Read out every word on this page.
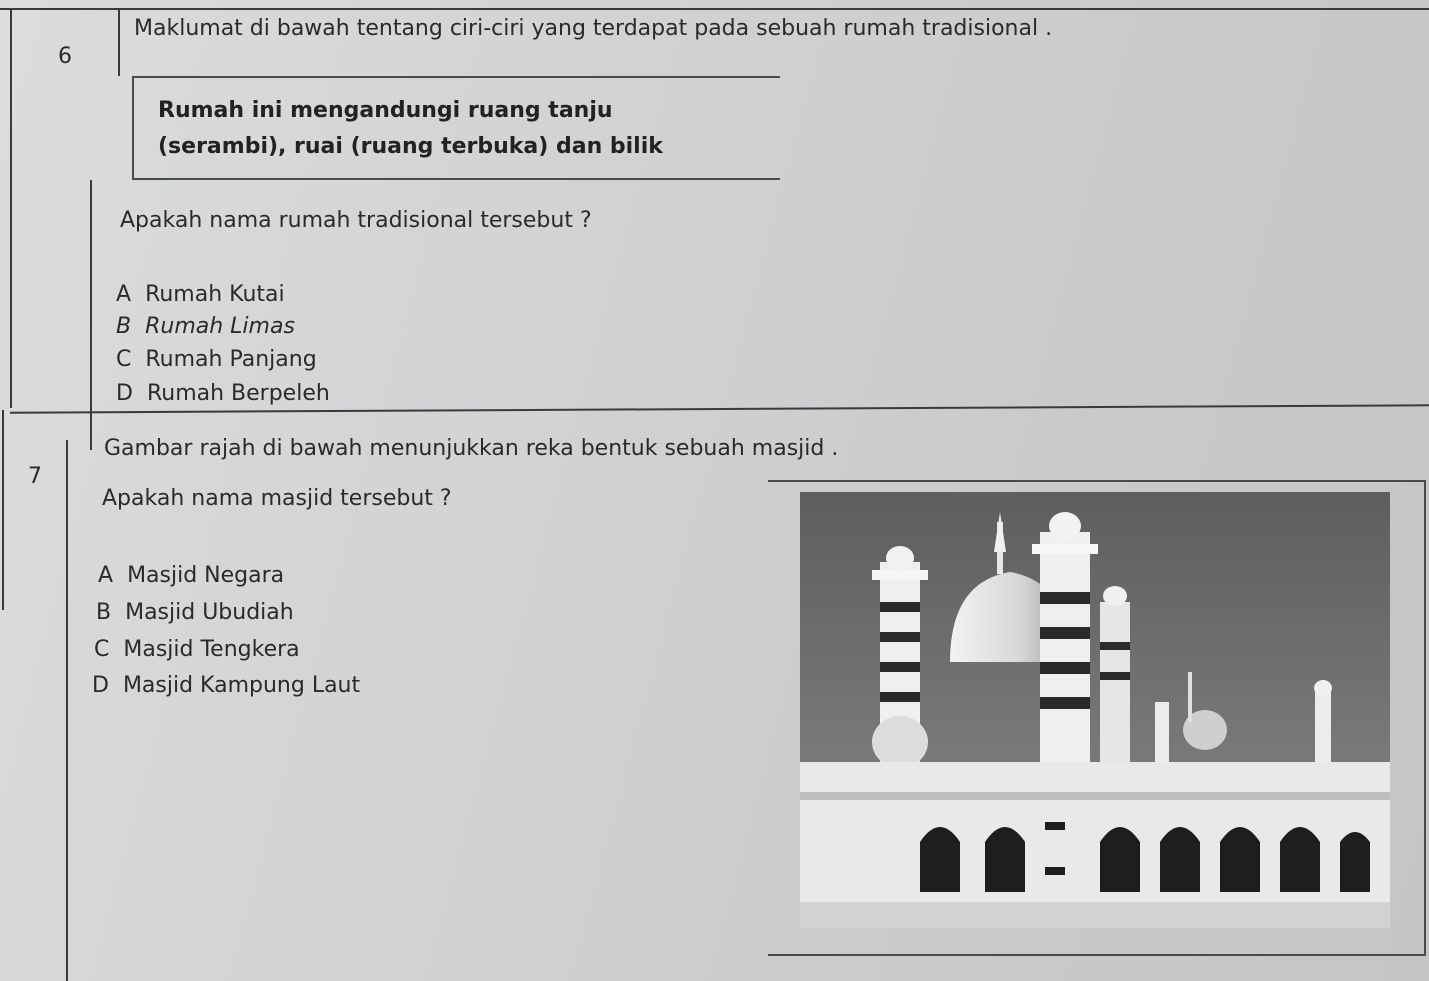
6
Maklumat di bawah tentang ciri-ciri yang terdapat pada sebuah rumah tradisional .
Rumah ini mengandungi ruang tanju
(serambi), ruai (ruang terbuka) dan bilik
Apakah nama rumah tradisional tersebut ?
A Rumah Kutai
B Rumah Limas
C Rumah Panjang
D Rumah Berpeleh
7
Gambar rajah di bawah menunjukkan reka bentuk sebuah masjid .
Apakah nama masjid tersebut ?
A Masjid Negara
B Masjid Ubudiah
C Masjid Tengkera
D Masjid Kampung Laut
